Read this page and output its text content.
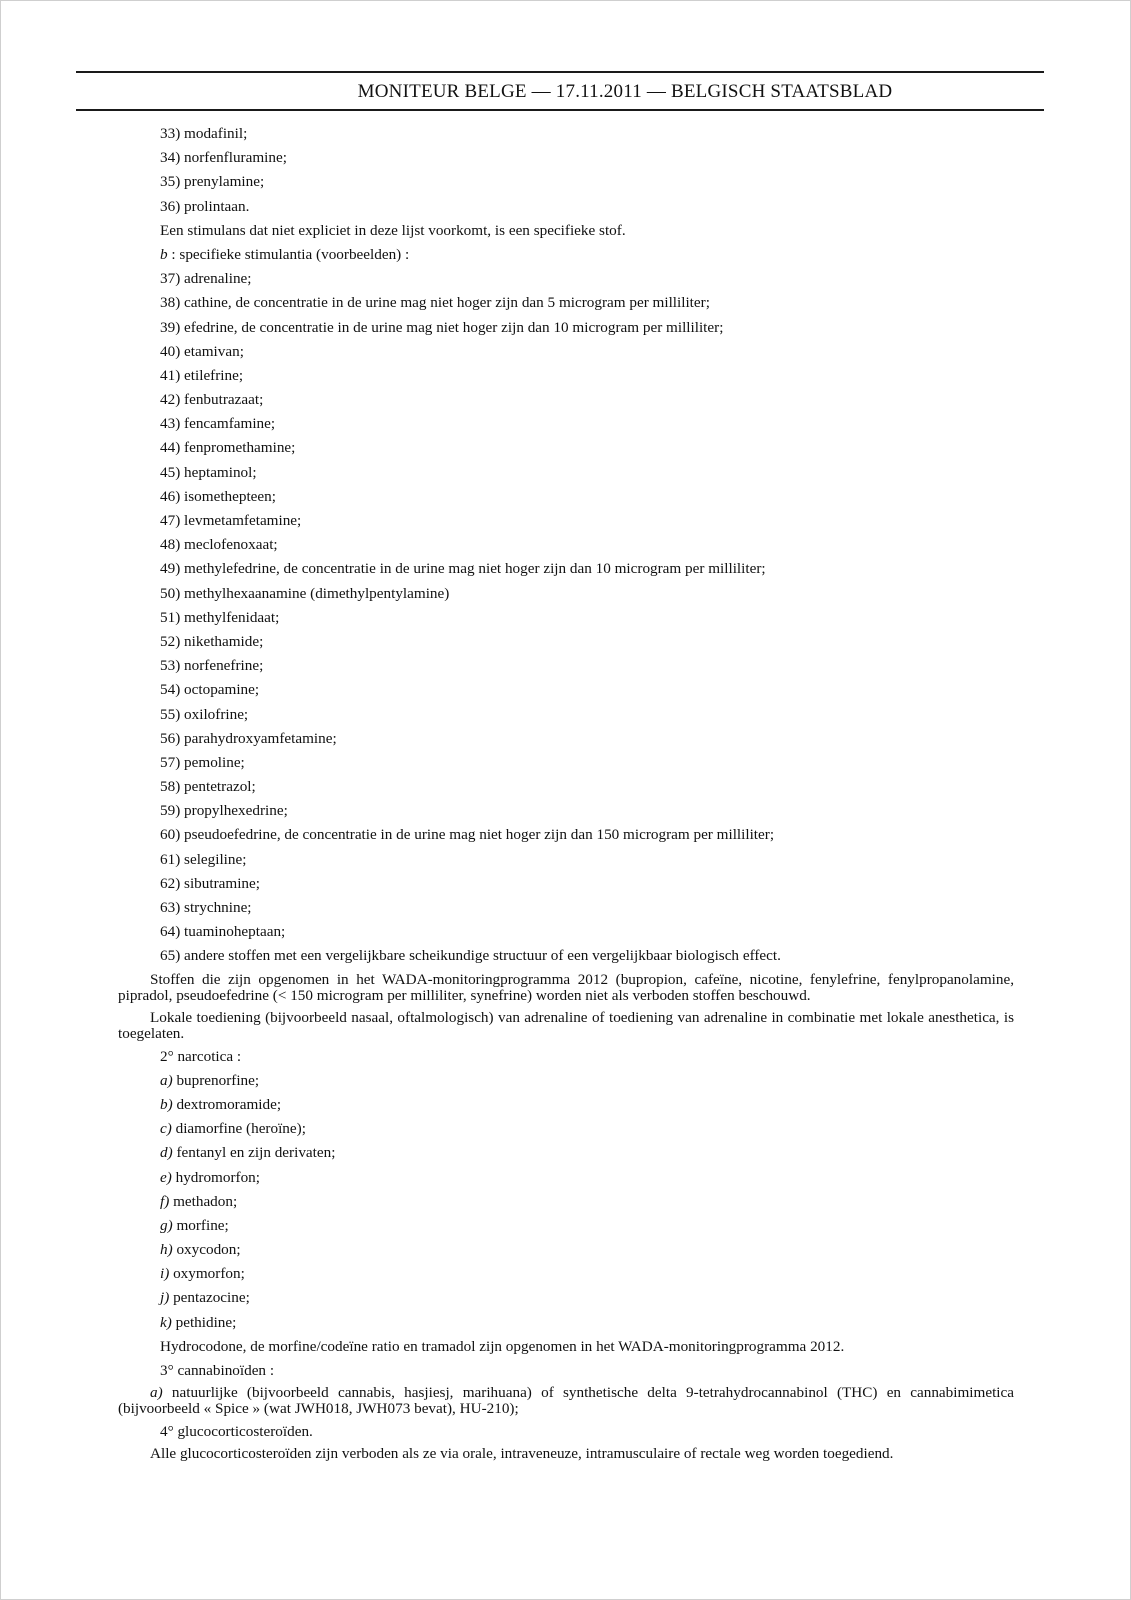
MONITEUR BELGE — 17.11.2011 — BELGISCH STAATSBLAD
33) modafinil;
34) norfenfluramine;
35) prenylamine;
36) prolintaan.
Een stimulans dat niet expliciet in deze lijst voorkomt, is een specifieke stof.
b : specifieke stimulantia (voorbeelden) :
37) adrenaline;
38) cathine, de concentratie in de urine mag niet hoger zijn dan 5 microgram per milliliter;
39) efedrine, de concentratie in de urine mag niet hoger zijn dan 10 microgram per milliliter;
40) etamivan;
41) etilefrine;
42) fenbutrazaat;
43) fencamfamine;
44) fenpromethamine;
45) heptaminol;
46) isomethepteen;
47) levmetamfetamine;
48) meclofenoxaat;
49) methylefedrine, de concentratie in de urine mag niet hoger zijn dan 10 microgram per milliliter;
50) methylhexaanamine (dimethylpentylamine)
51) methylfenidaat;
52) nikethamide;
53) norfenefrine;
54) octopamine;
55) oxilofrine;
56) parahydroxyamfetamine;
57) pemoline;
58) pentetrazol;
59) propylhexedrine;
60) pseudoefedrine, de concentratie in de urine mag niet hoger zijn dan 150 microgram per milliliter;
61) selegiline;
62) sibutramine;
63) strychnine;
64) tuaminoheptaan;
65) andere stoffen met een vergelijkbare scheikundige structuur of een vergelijkbaar biologisch effect.
Stoffen die zijn opgenomen in het WADA-monitoringprogramma 2012 (bupropion, cafeïne, nicotine, fenylefrine, fenylpropanolamine, pipradol, pseudoefedrine (< 150 microgram per milliliter, synefrine) worden niet als verboden stoffen beschouwd.
Lokale toediening (bijvoorbeeld nasaal, oftalmologisch) van adrenaline of toediening van adrenaline in combinatie met lokale anesthetica, is toegelaten.
2° narcotica :
a) buprenorfine;
b) dextromoramide;
c) diamorfine (heroïne);
d) fentanyl en zijn derivaten;
e) hydromorfon;
f) methadon;
g) morfine;
h) oxycodon;
i) oxymorfon;
j) pentazocine;
k) pethidine;
Hydrocodone, de morfine/codeïne ratio en tramadol zijn opgenomen in het WADA-monitoringprogramma 2012.
3° cannabinoïden :
a) natuurlijke (bijvoorbeeld cannabis, hasjiesj, marihuana) of synthetische delta 9-tetrahydrocannabinol (THC) en cannabimimetica (bijvoorbeeld « Spice » (wat JWH018, JWH073 bevat), HU-210);
4° glucocorticosteroïden.
Alle glucocorticosteroïden zijn verboden als ze via orale, intraveneuze, intramusculaire of rectale weg worden toegediend.
